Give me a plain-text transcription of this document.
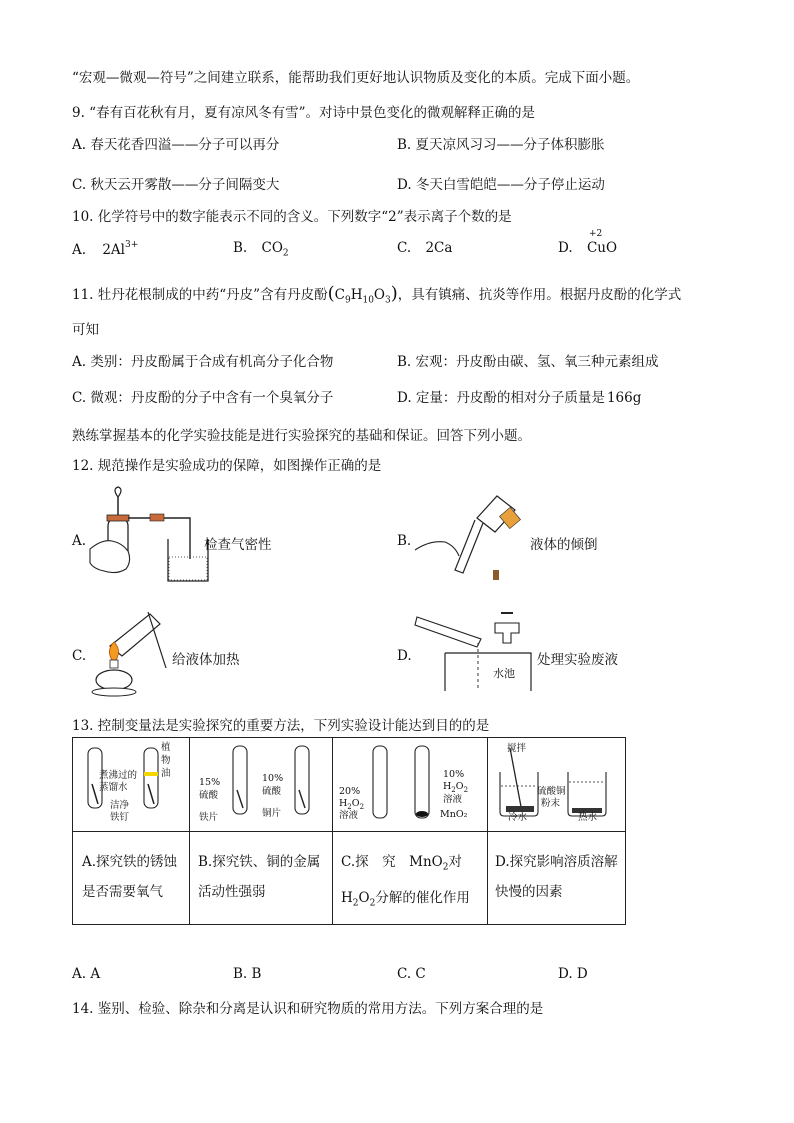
“宏观—微观—符号”之间建立联系，能帮助我们更好地认识物质及变化的本质。完成下面小题。
9. “春有百花秋有月，夏有凉风冬有雪”。对诗中景色变化的微观解释正确的是
A. 春天花香四溢——分子可以再分	B. 夏天凉风习习——分子体积膨胀
C. 秋天云开雾散——分子间隔变大	D. 冬天白雪皑皑——分子停止运动
10. 化学符号中的数字能表示不同的含义。下列数字“2”表示离子个数的是
A. $2Al^{3+}$	B. $CO_2$	C. 2Ca	D.
+2
CuO
11. 牡丹花根制成的中药“丹皮”含有丹皮酚$(C_9H_{10}O_3)$，具有镇痛、抗炎等作用。根据丹皮酚的化学式
可知
A. 类别：丹皮酚属于合成有机高分子化合物	B. 宏观：丹皮酚由碳、氢、氧三种元素组成
C. 微观：丹皮酚的分子中含有一个臭氧分子	D. 定量：丹皮酚的相对分子质量是 166g
熟练掌握基本的化学实验技能是进行实验探究的基础和保证。回答下列小题。
12. 规范操作是实验成功的保障，如图操作正确的是
A.	检查气密性	B.	液体的倾倒
C.	给液体加热	D.
水池
处理实验废液
13. 控制变量法是实验探究的重要方法，下列实验设计能达到目的的是
煮沸过的
蒸馏水
植
物
油
洁净
铁钉
15%
硫酸
铁片
10%
硫酸
铜片
20%
$H_2O_2$
溶液
10%
$H_2O_2$
溶液
MnO₂
搅拌
硫酸铜
粉末
冷水	热水
A.探究铁的锈蚀是否需要氧气
B.探究铁、铜的金属活动性强弱
C.探　究　MnO$_2$对
$H_2O_2$分解的催化作用
D.探究影响溶质溶解快慢的因素
A. A	B. B	C. C	D. D
14. 鉴别、检验、除杂和分离是认识和研究物质的常用方法。下列方案合理的是
